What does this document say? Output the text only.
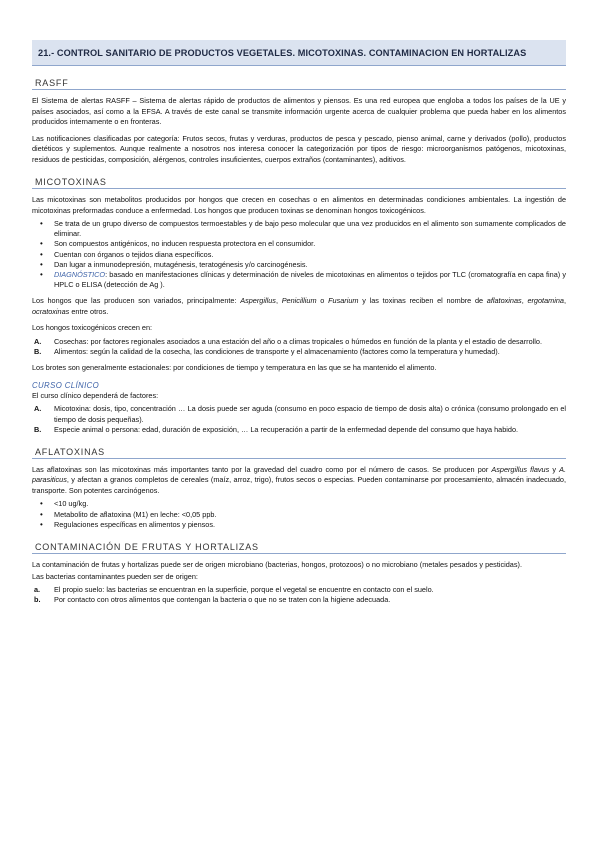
21.- CONTROL SANITARIO DE PRODUCTOS VEGETALES. MICOTOXINAS. CONTAMINACION EN HORTALIZAS
RASFF

El Sistema de alertas RASFF – Sistema de alertas rápido de productos de alimentos y piensos. Es una red europea que engloba a todos los países de la UE y países asociados, así como a la EFSA. A través de este canal se transmite información urgente acerca de cualquier problema que pueda haber en los alimentos producidos internamente o en fronteras.

Las notificaciones clasificadas por categoría: Frutos secos, frutas y verduras, productos de pesca y pescado, pienso animal, carne y derivados (pollo), productos dietéticos y suplementos. Aunque realmente a nosotros nos interesa conocer la categorización por tipos de riesgo: microorganismos patógenos, micotoxinas, residuos de pesticidas, composición, alérgenos, controles insuficientes, cuerpos extraños (contaminantes), aditivos.

MICOTOXINAS

Las micotoxinas son metabolitos producidos por hongos que crecen en cosechas o en alimentos en determinadas condiciones ambientales. La ingestión de micotoxinas preformadas conduce a enfermedad. Los hongos que producen toxinas se denominan hongos toxicogénicos.

• Se trata de un grupo diverso de compuestos termoestables y de bajo peso molecular que una vez producidos en el alimento son sumamente complicados de eliminar.
• Son compuestos antigénicos, no inducen respuesta protectora en el consumidor.
• Cuentan con órganos o tejidos diana específicos.
• Dan lugar a inmunodepresión, mutagénesis, teratogénesis y/o carcinogénesis.
• DIAGNÓSTICO: basado en manifestaciones clínicas y determinación de niveles de micotoxinas en alimentos o tejidos por TLC (cromatografía en capa fina) y HPLC o ELISA (detección de Ag ).

Los hongos que las producen son variados, principalmente: Aspergillus, Penicillium o Fusarium y las toxinas reciben el nombre de aflatoxinas, ergotamina, ocratoxinas entre otros.

Los hongos toxicogénicos crecen en:

A. Cosechas: por factores regionales asociados a una estación del año o a climas tropicales o húmedos en función de la planta y el estadio de desarrollo.
B. Alimentos: según la calidad de la cosecha, las condiciones de transporte y el almacenamiento (factores como la temperatura y humedad).

Los brotes son generalmente estacionales: por condiciones de tiempo y temperatura en las que se ha mantenido el alimento.

CURSO CLÍNICO

El curso clínico dependerá de factores:

A. Micotoxina: dosis, tipo, concentración … La dosis puede ser aguda (consumo en poco espacio de tiempo de dosis alta) o crónica (consumo prolongado en el tiempo de dosis pequeñas).
B. Especie animal o persona: edad, duración de exposición, … La recuperación a partir de la enfermedad depende del consumo que haya habido.
AFLATOXINAS

Las aflatoxinas son las micotoxinas más importantes tanto por la gravedad del cuadro como por el número de casos. Se producen por Aspergillus flavus y A. parasiticus, y afectan a granos completos de cereales (maíz, arroz, trigo), frutos secos o especias. Pueden contaminarse por procesamiento, almacén inadecuado, transporte. Son potentes carcinógenos.

• <10 ug/kg.
• Metabolito de aflatoxina (M1) en leche: <0,05 ppb.
• Regulaciones específicas en alimentos y piensos.
CONTAMINACIÓN DE FRUTAS Y HORTALIZAS

La contaminación de frutas y hortalizas puede ser de origen microbiano (bacterias, hongos, protozoos) o no microbiano (metales pesados y pesticidas).

Las bacterias contaminantes pueden ser de origen:

a. El propio suelo: las bacterias se encuentran en la superficie, porque el vegetal se encuentre en contacto con el suelo.
b. Por contacto con otros alimentos que contengan la bacteria o que no se traten con la higiene adecuada.
